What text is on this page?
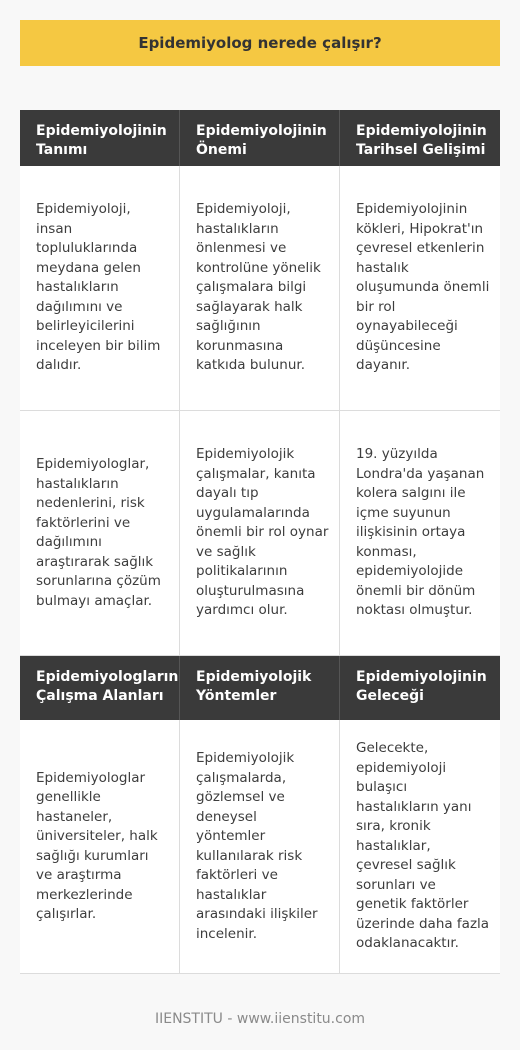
Epidemiyolog nerede çalışır?
Epidemiyolojinin Tanımı
Epidemiyolojinin Önemi
Epidemiyolojinin Tarihsel Gelişimi
Epidemiyoloji, insan topluluklarında meydana gelen hastalıkların dağılımını ve belirleyicilerini inceleyen bir bilim dalıdır.
Epidemiyoloji, hastalıkların önlenmesi ve kontrolüne yönelik çalışmalara bilgi sağlayarak halk sağlığının korunmasına katkıda bulunur.
Epidemiyolojinin kökleri, Hipokrat'ın çevresel etkenlerin hastalık oluşumunda önemli bir rol oynayabileceği düşüncesine dayanır.
Epidemiyologlar, hastalıkların nedenlerini, risk faktörlerini ve dağılımını araştırarak sağlık sorunlarına çözüm bulmayı amaçlar.
Epidemiyolojik çalışmalar, kanıta dayalı tıp uygulamalarında önemli bir rol oynar ve sağlık politikalarının oluşturulmasına yardımcı olur.
19. yüzyılda Londra'da yaşanan kolera salgını ile içme suyunun ilişkisinin ortaya konması, epidemiyolojide önemli bir dönüm noktası olmuştur.
Epidemiyologların Çalışma Alanları
Epidemiyolojik Yöntemler
Epidemiyolojinin Geleceği
Epidemiyologlar genellikle hastaneler, üniversiteler, halk sağlığı kurumları ve araştırma merkezlerinde çalışırlar.
Epidemiyolojik çalışmalarda, gözlemsel ve deneysel yöntemler kullanılarak risk faktörleri ve hastalıklar arasındaki ilişkiler incelenir.
Gelecekte, epidemiyoloji bulaşıcı hastalıkların yanı sıra, kronik hastalıklar, çevresel sağlık sorunları ve genetik faktörler üzerinde daha fazla odaklanacaktır.
IIENSTITU - www.iienstitu.com
